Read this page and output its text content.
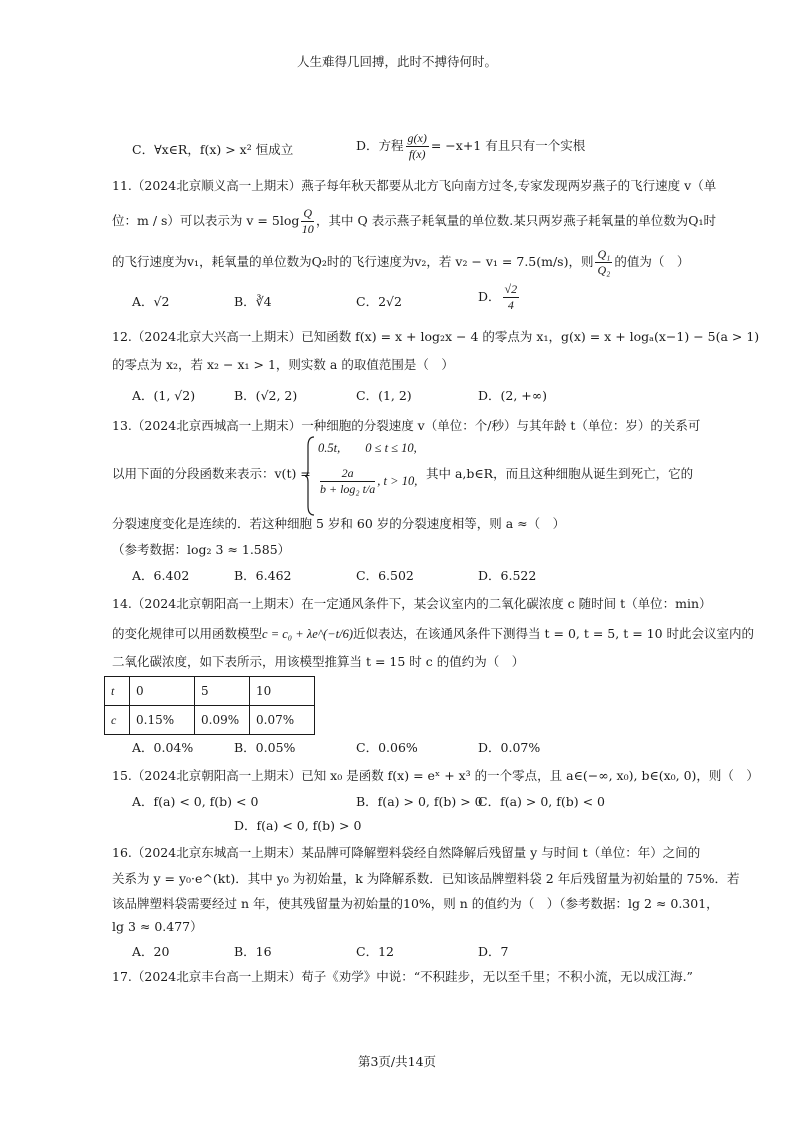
人生难得几回搏，此时不搏待何时。
C．∀x∈R，f(x) > x² 恒成立	D．方程 $\frac{g(x)}{f(x)} = -x+1$ 有且只有一个实根
11.（2024北京顺义高一上期末）燕子每年秋天都要从北方飞向南方过冬,专家发现两岁燕子的飞行速度 v（单
位：m / s）可以表示为 $v = 5\log \frac{Q}{10}$ ，其中 Q 表示燕子耗氧量的单位数.某只两岁燕子耗氧量的单位数为Q₁时
的飞行速度为v₁，耗氧量的单位数为Q₂时的飞行速度为v₂，若 v₂ − v₁ = 7.5(m/s)，则 $\frac{\text{Q₁}}{\text{Q₂}}$ 的值为（　）
A．√2	B．∛4	C．2√2	D． $\frac{√2}{4}$
12.（2024北京大兴高一上期末）已知函数 f(x) = x + log₂x − 4 的零点为 x₁，g(x) = x + logₐ(x−1) − 5(a > 1)
的零点为 x₂，若 x₂ − x₁ > 1，则实数 a 的取值范围是（　）
A．(1, √2)	B．(√2, 2)	C．(1, 2)	D．(2, +∞)
13.（2024北京西城高一上期末）一种细胞的分裂速度 v（单位：个/秒）与其年龄 t（单位：岁）的关系可
以用下面的分段函数来表示：v(t) =
0.5t,　　0 ≤ t ≤ 10,
$\frac{2a}{\text{b + log₂ t/a}}$ , t > 10, 其中 a,b∈R，而且这种细胞从诞生到死亡，它的
分裂速度变化是连续的．若这种细胞 5 岁和 60 岁的分裂速度相等，则 a ≈（　）
（参考数据：log₂ 3 ≈ 1.585）
A．6.402	B．6.462	C．6.502	D．6.522
14.（2024北京朝阳高一上期末）在一定通风条件下，某会议室内的二氧化碳浓度 c 随时间 t（单位：min）
的变化规律可以用函数模型c = c₀ + λe^(−t/6)近似表达，在该通风条件下测得当 t = 0, t = 5, t = 10 时此会议室内的
二氧化碳浓度，如下表所示，用该模型推算当 t = 15 时 c 的值约为（　）
t	0	5	10
c	0.15%	0.09%	0.07%
A．0.04%	B．0.05%	C．0.06%	D．0.07%
15.（2024北京朝阳高一上期末）已知 x₀ 是函数 f(x) = eˣ + x³ 的一个零点，且 a∈(−∞, x₀), b∈(x₀, 0)，则（　）
A．f(a) < 0, f(b) < 0	B．f(a) > 0, f(b) > 0
C．f(a) > 0, f(b) < 0
D．f(a) < 0, f(b) > 0
16.（2024北京东城高一上期末）某品牌可降解塑料袋经自然降解后残留量 y 与时间 t（单位：年）之间的
关系为 y = y₀·e^(kt)．其中 y₀ 为初始量，k 为降解系数．已知该品牌塑料袋 2 年后残留量为初始量的 75%．若
该品牌塑料袋需要经过 n 年，使其残留量为初始量的10%，则 n 的值约为（　）（参考数据：lg 2 ≈ 0.301，
lg 3 ≈ 0.477）
A．20	B．16	C．12	D．7
17.（2024北京丰台高一上期末）荀子《劝学》中说：“不积跬步，无以至千里；不积小流，无以成江海.”
第3页/共14页
